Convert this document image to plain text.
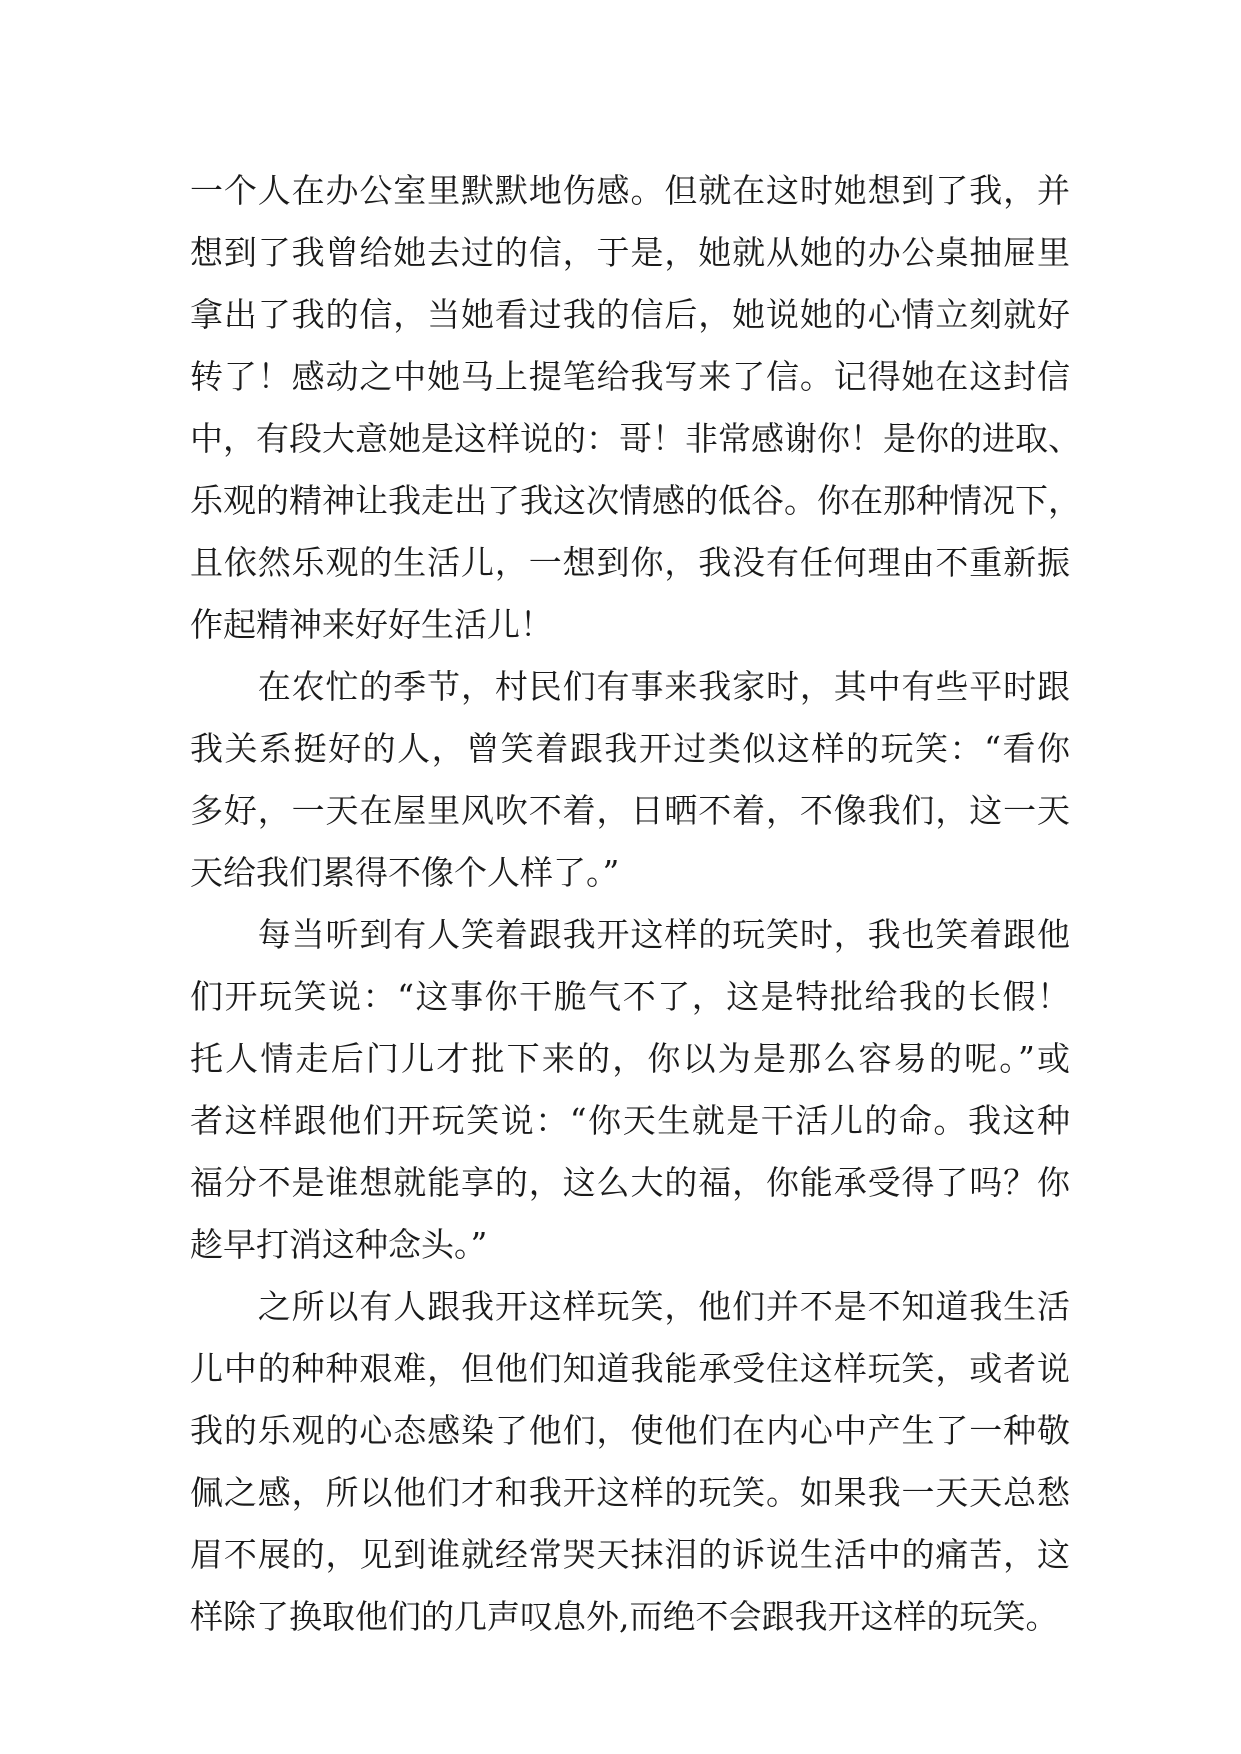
一个人在办公室里默默地伤感。但就在这时她想到了我，并
想到了我曾给她去过的信，于是，她就从她的办公桌抽屉里
拿出了我的信，当她看过我的信后，她说她的心情立刻就好
转了！感动之中她马上提笔给我写来了信。记得她在这封信
中，有段大意她是这样说的：哥！非常感谢你！是你的进取、
乐观的精神让我走出了我这次情感的低谷。你在那种情况下，
且依然乐观的生活儿，一想到你，我没有任何理由不重新振
作起精神来好好生活儿！
　　在农忙的季节，村民们有事来我家时，其中有些平时跟
我关系挺好的人，曾笑着跟我开过类似这样的玩笑：“看你
多好，一天在屋里风吹不着，日晒不着，不像我们，这一天
天给我们累得不像个人样了。”
　　每当听到有人笑着跟我开这样的玩笑时，我也笑着跟他
们开玩笑说：“这事你干脆气不了，这是特批给我的长假！
托人情走后门儿才批下来的，你以为是那么容易的呢。”或
者这样跟他们开玩笑说：“你天生就是干活儿的命。我这种
福分不是谁想就能享的，这么大的福，你能承受得了吗？你
趁早打消这种念头。”
　　之所以有人跟我开这样玩笑，他们并不是不知道我生活
儿中的种种艰难，但他们知道我能承受住这样玩笑，或者说
我的乐观的心态感染了他们，使他们在内心中产生了一种敬
佩之感，所以他们才和我开这样的玩笑。如果我一天天总愁
眉不展的，见到谁就经常哭天抹泪的诉说生活中的痛苦，这
样除了换取他们的几声叹息外,而绝不会跟我开这样的玩笑。
